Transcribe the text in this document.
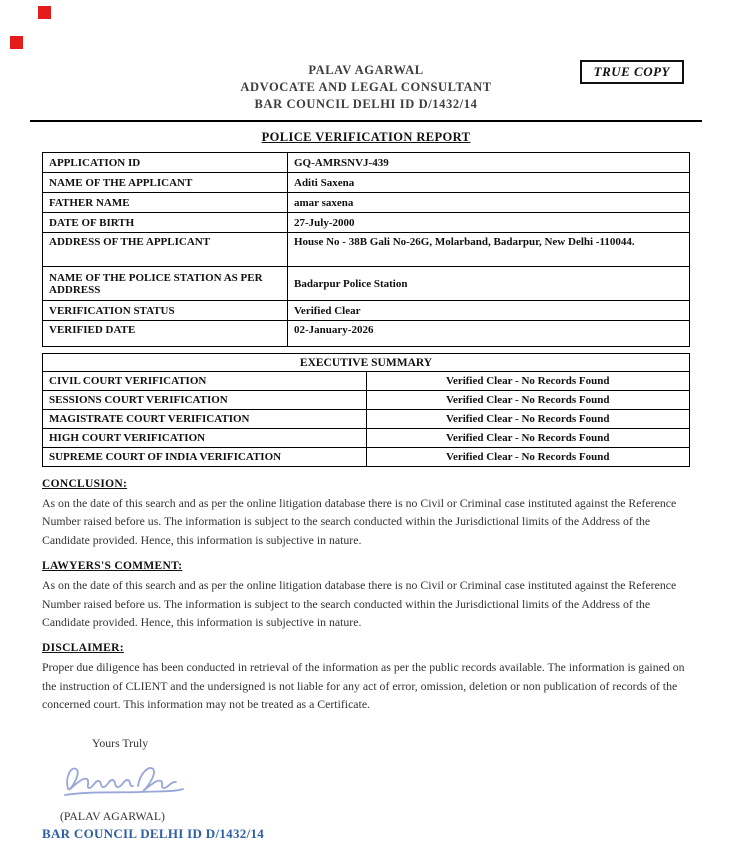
TRUE COPY
PALAV AGARWAL
ADVOCATE AND LEGAL CONSULTANT
BAR COUNCIL DELHI ID D/1432/14
POLICE VERIFICATION REPORT
APPLICATION ID	GQ-AMRSNVJ-439
NAME OF THE APPLICANT	Aditi Saxena
FATHER NAME	amar saxena
DATE OF BIRTH	27-July-2000
ADDRESS OF THE APPLICANT	House No - 38B Gali No-26G, Molarband, Badarpur, New Delhi -110044.
NAME OF THE POLICE STATION AS PER ADDRESS	Badarpur Police Station
VERIFICATION STATUS	Verified Clear
VERIFIED DATE	02-January-2026
EXECUTIVE SUMMARY	
CIVIL COURT VERIFICATION	Verified Clear - No Records Found
SESSIONS COURT VERIFICATION	Verified Clear - No Records Found
MAGISTRATE COURT VERIFICATION	Verified Clear - No Records Found
HIGH COURT VERIFICATION	Verified Clear - No Records Found
SUPREME COURT OF INDIA VERIFICATION	Verified Clear - No Records Found
CONCLUSION:

As on the date of this search and as per the online litigation database there is no Civil or Criminal case instituted against the Reference Number raised before us. The information is subject to the search conducted within the Jurisdictional limits of the Address of the Candidate provided. Hence, this information is subjective in nature.

LAWYERS'S COMMENT:

As on the date of this search and as per the online litigation database there is no Civil or Criminal case instituted against the Reference Number raised before us. The information is subject to the search conducted within the Jurisdictional limits of the Address of the Candidate provided. Hence, this information is subjective in nature.

DISCLAIMER:

Proper due diligence has been conducted in retrieval of the information as per the public records available. The information is gained on the instruction of CLIENT and the undersigned is not liable for any act of error, omission, deletion or non publication of records of the concerned court. This information may not be treated as a Certificate.

Yours Truly
(PALAV AGARWAL)
BAR COUNCIL DELHI ID D/1432/14
